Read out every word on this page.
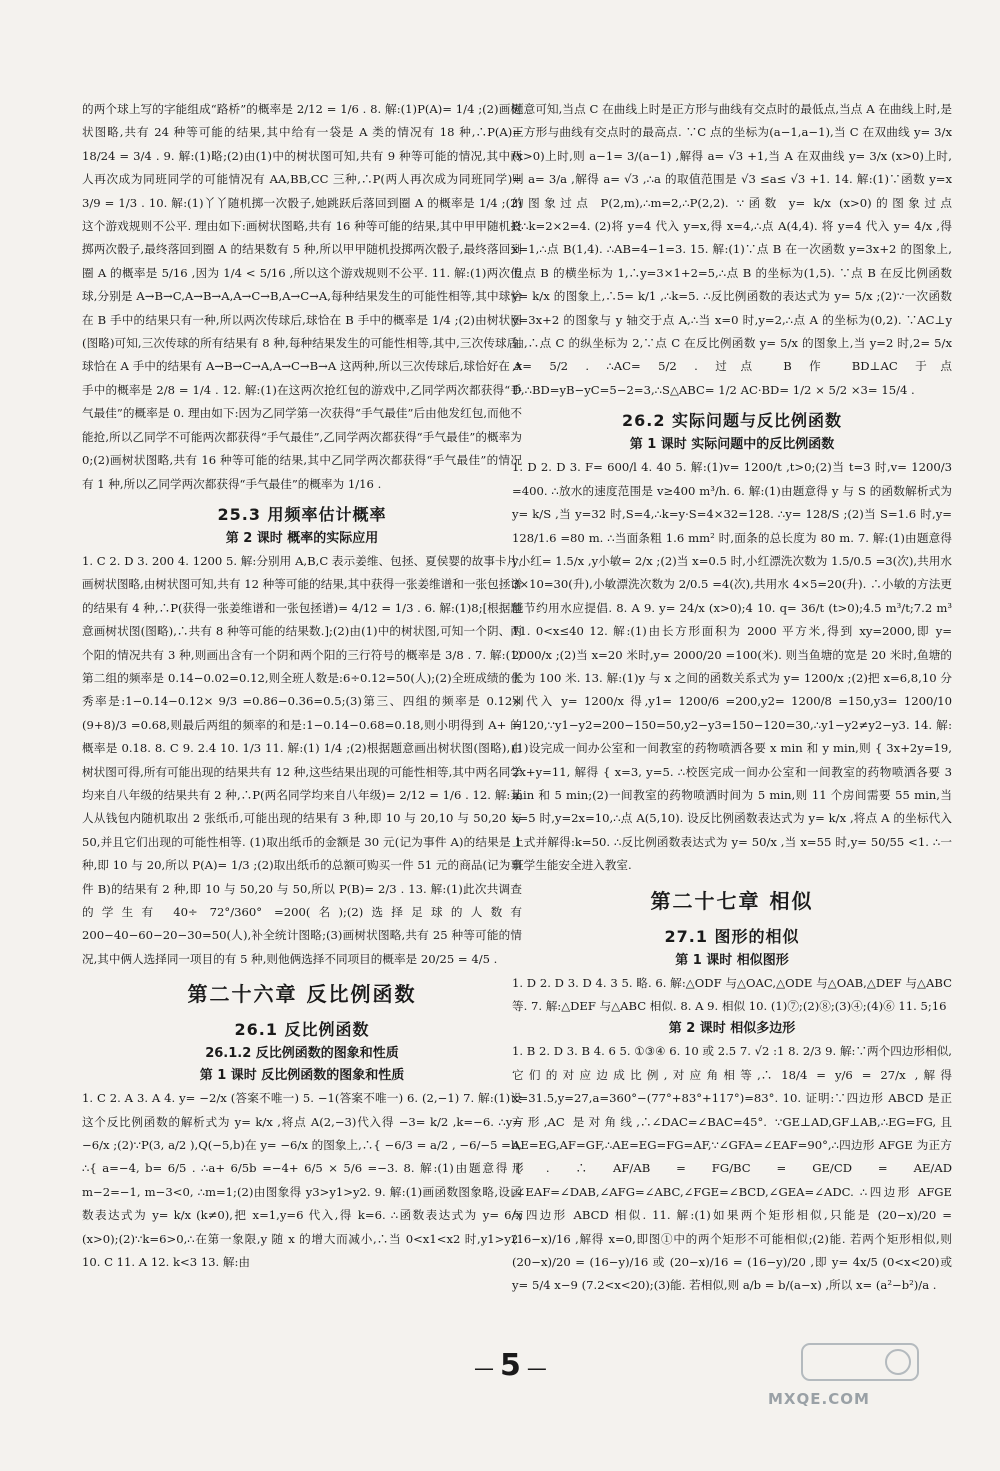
的两个球上写的字能组成“路桥”的概率是 2/12 = 1/6 . 8. 解:(1)P(A)= 1/4 ;(2)画树状图略,共有 24 种等可能的结果,其中给有一袋是 A 类的情况有 18 种,∴P(A)= 18/24 = 3/4 . 9. 解:(1)略;(2)由(1)中的树状图可知,共有 9 种等可能的情况,其中两人再次成为同班同学的可能情况有 AA,BB,CC 三种,∴P(两人再次成为同班同学)= 3/9 = 1/3 . 10. 解:(1)丫丫随机掷一次骰子,她跳跃后落回到圈 A 的概率是 1/4 ;(2)这个游戏规则不公平. 理由如下:画树状图略,共有 16 种等可能的结果,其中甲甲随机投掷两次骰子,最终落回到圈 A 的结果数有 5 种,所以甲甲随机投掷两次骰子,最终落回到圈 A 的概率是 5/16 ,因为 1/4 < 5/16 ,所以这个游戏规则不公平. 11. 解:(1)两次传球,分别是 A→B→C,A→B→A,A→C→B,A→C→A,每种结果发生的可能性相等,其中球恰在 B 手中的结果只有一种,所以两次传球后,球恰在 B 手中的概率是 1/4 ;(2)由树状图(图略)可知,三次传球的所有结果有 8 种,每种结果发生的可能性相等,其中,三次传球后,球恰在 A 手中的结果有 A→B→C→A,A→C→B→A 这两种,所以三次传球后,球恰好在 A 手中的概率是 2/8 = 1/4 . 12. 解:(1)在这两次抢红包的游戏中,乙同学两次都获得“手气最佳”的概率是 0. 理由如下:因为乙同学第一次获得“手气最佳”后由他发红包,而他不能抢,所以乙同学不可能两次都获得“手气最佳”,乙同学两次都获得“手气最佳”的概率为 0;(2)画树状图略,共有 16 种等可能的结果,其中乙同学两次都获得“手气最佳”的情况有 1 种,所以乙同学两次都获得“手气最佳”的概率为 1/16 .

25.3 用频率估计概率
第 2 课时 概率的实际应用

1. C 2. D 3. 200 4. 1200 5. 解:分别用 A,B,C 表示姜维、包拯、夏侯婴的故事卡片,画树状图略,由树状图可知,共有 12 种等可能的结果,其中获得一张姜维谱和一张包拯谱的结果有 4 种,∴P(获得一张姜维谱和一张包拯谱)= 4/12 = 1/3 . 6. 解:(1)8;[根据题意画树状图(图略),∴共有 8 种等可能的结果数.];(2)由(1)中的树状图,可知一个阴、两个阳的情况共有 3 种,则画出含有一个阴和两个阳的三行符号的概率是 3/8 . 7. 解:(1)第二组的频率是 0.14−0.02=0.12,则全班人数是:6÷0.12=50(人);(2)全班成绩的优秀率是:1−0.14−0.12× 9/3 =0.86−0.36=0.5;(3)第三、四组的频率是 0.12× (9+8)/3 =0.68,则最后两组的频率的和是:1−0.14−0.68=0.18,则小明得到 A+ 的概率是 0.18. 8. C 9. 2.4 10. 1/3 11. 解:(1) 1/4 ;(2)根据题意画出树状图(图略),由树状图可得,所有可能出现的结果共有 12 种,这些结果出现的可能性相等,其中两名同学均来自八年级的结果共有 2 种,∴P(两名同学均来自八年级)= 2/12 = 1/6 . 12. 解:某人从钱包内随机取出 2 张纸币,可能出现的结果有 3 种,即 10 与 20,10 与 50,20 与 50,并且它们出现的可能性相等. (1)取出纸币的金额是 30 元(记为事件 A)的结果是 1 种,即 10 与 20,所以 P(A)= 1/3 ;(2)取出纸币的总额可购买一件 51 元的商品(记为事件 B)的结果有 2 种,即 10 与 50,20 与 50,所以 P(B)= 2/3 . 13. 解:(1)此次共调查的学生有 40÷ 72°/360° =200(名);(2)选择足球的人数有 200−40−60−20−30=50(人),补全统计图略;(3)画树状图略,共有 25 种等可能的情况,其中俩人选择同一项目的有 5 种,则他俩选择不同项目的概率是 20/25 = 4/5 .

第二十六章 反比例函数
26.1 反比例函数
26.1.2 反比例函数的图象和性质
第 1 课时 反比例函数的图象和性质

1. C 2. A 3. A 4. y= −2/x (答案不唯一) 5. −1(答案不唯一) 6. (2,−1) 7. 解:(1)设这个反比例函数的解析式为 y= k/x ,将点 A(2,−3)代入得 −3= k/2 ,k=−6. ∴y= −6/x ;(2)∵P(3, a/2 ),Q(−5,b)在 y= −6/x 的图象上,∴{ −6/3 = a/2 , −6/−5 =b, ∴{ a=−4, b= 6/5 . ∴a+ 6/5b =−4+ 6/5 × 5/6 =−3. 8. 解:(1)由题意得 { m−2=−1, m−3<0, ∴m=1;(2)由图象得 y3>y1>y2. 9. 解:(1)画函数图象略,设函数表达式为 y= k/x (k≠0),把 x=1,y=6 代入,得 k=6. ∴函数表达式为 y= 6/x (x>0);(2)∵k=6>0,∴在第一象限,y 随 x 的增大而减小,∴当 0<x1<x2 时,y1>y2. 10. C 11. A 12. k<3 13. 解:由

题意可知,当点 C 在曲线上时是正方形与曲线有交点时的最低点,当点 A 在曲线上时,是正方形与曲线有交点时的最高点. ∵C 点的坐标为(a−1,a−1),当 C 在双曲线 y= 3/x (x>0)上时,则 a−1= 3/(a−1) ,解得 a= √3 +1,当 A 在双曲线 y= 3/x (x>0)上时,则 a= 3/a ,解得 a= √3 ,∴a 的取值范围是 √3 ≤a≤ √3 +1. 14. 解:(1)∵函数 y=x 的图象过点 P(2,m),∴m=2,∴P(2,2). ∵函数 y= k/x (x>0)的图象过点 P,∴k=2×2=4. (2)将 y=4 代入 y=x,得 x=4,∴点 A(4,4). 将 y=4 代入 y= 4/x ,得 x=1,∴点 B(1,4). ∴AB=4−1=3. 15. 解:(1)∵点 B 在一次函数 y=3x+2 的图象上,且点 B 的横坐标为 1,∴y=3×1+2=5,∴点 B 的坐标为(1,5). ∵点 B 在反比例函数 y= k/x 的图象上,∴5= k/1 ,∴k=5. ∴反比例函数的表达式为 y= 5/x ;(2)∵一次函数 y=3x+2 的图象与 y 轴交于点 A,∴当 x=0 时,y=2,∴点 A 的坐标为(0,2). ∵AC⊥y 轴,∴点 C 的纵坐标为 2,∵点 C 在反比例函数 y= 5/x 的图象上,当 y=2 时,2= 5/x ,x= 5/2 . ∴AC= 5/2 . 过点 B 作 BD⊥AC 于点 D,∴BD=yB−yC=5−2=3,∴S△ABC= 1/2 AC·BD= 1/2 × 5/2 ×3= 15/4 .

26.2 实际问题与反比例函数
第 1 课时 实际问题中的反比例函数

1. D 2. D 3. F= 600/l 4. 40 5. 解:(1)v= 1200/t ,t>0;(2)当 t=3 时,v= 1200/3 =400. ∴放水的速度范围是 v≥400 m³/h. 6. 解:(1)由题意得 y 与 S 的函数解析式为 y= k/S ,当 y=32 时,S=4,∴k=y·S=4×32=128. ∴y= 128/S ;(2)当 S=1.6 时,y= 128/1.6 =80 m. ∴当面条粗 1.6 mm² 时,面条的总长度为 80 m. 7. 解:(1)由题意得 y小红= 1.5/x ,y小敏= 2/x ;(2)当 x=0.5 时,小红漂洗次数为 1.5/0.5 =3(次),共用水 3×10=30(升),小敏漂洗次数为 2/0.5 =4(次),共用水 4×5=20(升). ∴小敏的方法更能节约用水应提倡. 8. A 9. y= 24/x (x>0);4 10. q= 36/t (t>0);4.5 m³/t;7.2 m³ 11. 0<x≤40 12. 解:(1)由长方形面积为 2000 平方米,得到 xy=2000,即 y= 2000/x ;(2)当 x=20 米时,y= 2000/20 =100(米). 则当鱼塘的宽是 20 米时,鱼塘的长为 100 米. 13. 解:(1)y 与 x 之间的函数关系式为 y= 1200/x ;(2)把 x=6,8,10 分别代入 y= 1200/x 得,y1= 1200/6 =200,y2= 1200/8 =150,y3= 1200/10 =120,∵y1−y2=200−150=50,y2−y3=150−120=30,∴y1−y2≠y2−y3. 14. 解:(1)设完成一间办公室和一间教室的药物喷洒各要 x min 和 y min,则 { 3x+2y=19, 2x+y=11, 解得 { x=3, y=5. ∴校医完成一间办公室和一间教室的药物喷洒各要 3 min 和 5 min;(2)一间教室的药物喷洒时间为 5 min,则 11 个房间需要 55 min,当 x=5 时,y=2x=10,∴点 A(5,10). 设反比例函数表达式为 y= k/x ,将点 A 的坐标代入上式并解得:k=50. ∴反比例函数表达式为 y= 50/x ,当 x=55 时,y= 50/55 <1. ∴一班学生能安全进入教室.

第二十七章 相似
27.1 图形的相似
第 1 课时 相似图形

1. D 2. D 3. D 4. 3 5. 略. 6. 解:△ODF 与△OAC,△ODE 与△OAB,△DEF 与△ABC 等. 7. 解:△DEF 与△ABC 相似. 8. A 9. 相似 10. (1)⑦;(2)⑧;(3)④;(4)⑥ 11. 5;16

第 2 课时 相似多边形

1. B 2. D 3. B 4. 6 5. ①③④ 6. 10 或 2.5 7. √2 :1 8. 2/3 9. 解:∵两个四边形相似,它们的对应边成比例,对应角相等,∴ 18/4 = y/6 = 27/x ,解得 x=31.5,y=27,a=360°−(77°+83°+117°)=83°. 10. 证明:∵四边形 ABCD 是正方形,AC 是对角线,∴∠DAC=∠BAC=45°. ∵GE⊥AD,GF⊥AB,∴EG=FG,且 AE=EG,AF=GF,∴AE=EG=FG=AF,∵∠GFA=∠EAF=90°,∴四边形 AFGE 为正方形. ∴ AF/AB = FG/BC = GE/CD = AE/AD ,∠EAF=∠DAB,∠AFG=∠ABC,∠FGE=∠BCD,∠GEA=∠ADC. ∴四边形 AFGE 与四边形 ABCD 相似. 11. 解:(1)如果两个矩形相似,只能是 (20−x)/20 = (16−x)/16 ,解得 x=0,即图①中的两个矩形不可能相似;(2)能. 若两个矩形相似,则 (20−x)/20 = (16−y)/16 或 (20−x)/16 = (16−y)/20 ,即 y= 4x/5 (0<x<20)或 y= 5/4 x−9 (7.2<x<20);(3)能. 若相似,则 a/b = b/(a−x) ,所以 x= (a²−b²)/a .

— 5 —
MXQE.COM
